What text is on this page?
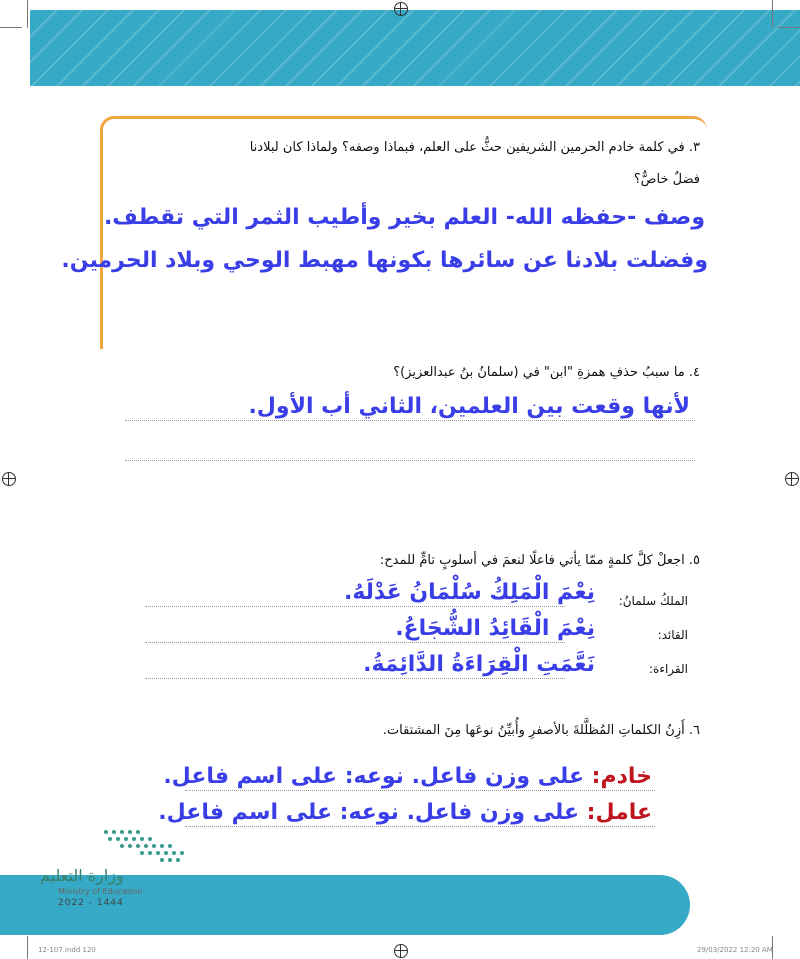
٣. في كلمة خادم الحرمين الشريفين حثٌّ على العلم، فبماذا وصفه؟ ولماذا كان لبلادنا
فضلٌ خاصٌّ؟
وصف -حفظه الله- العلم بخير وأطيب الثمر التي تقطف.
وفضلت بلادنا عن سائرها بكونها مهبط الوحي وبلاد الحرمين.
٤. ما سببُ حذفِ همزةِ "ابن" في (سلمانُ بنُ عبدالعزيز)؟
لأنها وقعت بين العلمين، الثاني أب الأول.
٥. اجعلْ كلَّ كلمةٍ ممّا يأتي فاعلًا لنعمَ في أسلوبٍ تامٍّ للمدح:
الملكُ سلمانُ:
نِعْمَ الْمَلِكُ سُلْمَانُ عَدْلَهُ.
القائد:
نِعْمَ الْقَائِدُ الشُّجَاعُ.
القراءة:
نَعَّمَتِ الْقِرَاءَةُ الدَّائِمَةُ.
٦. أَزِنُ الكلماتِ المُظلَّلةَ بالأصفرِ وأُبيِّنُ نوعَها مِنَ المشتقات.
خادم: على وزن فاعل. نوعه: على اسم فاعل.
عامل: على وزن فاعل. نوعه: على اسم فاعل.
١٢٠
وزارة التعليم
Ministry of Education
2022 - 1444
12-107.indd 120	29/03/2022 12:20 AM
